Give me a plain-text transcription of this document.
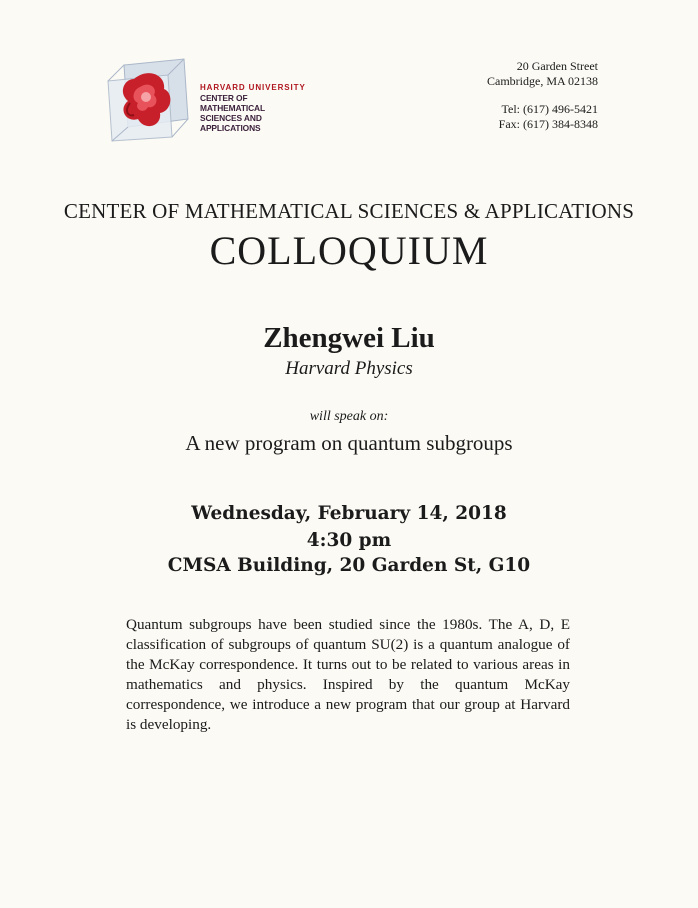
HARVARD UNIVERSITY
CENTER OF MATHEMATICAL
SCIENCES AND APPLICATIONS
20 Garden Street
Cambridge, MA 02138
Tel: (617) 496-5421
Fax: (617) 384-8348
CENTER OF MATHEMATICAL SCIENCES & APPLICATIONS
COLLOQUIUM
Zhengwei Liu
Harvard Physics
will speak on:
A new program on quantum subgroups
Wednesday, February 14, 2018
4:30 pm
CMSA Building, 20 Garden St, G10
Quantum subgroups have been studied since the 1980s. The A, D, E classification of subgroups of quantum SU(2) is a quantum analogue of the McKay correspondence. It turns out to be related to various areas in mathematics and physics. Inspired by the quantum McKay correspondence, we introduce a new program that our group at Harvard is developing.
